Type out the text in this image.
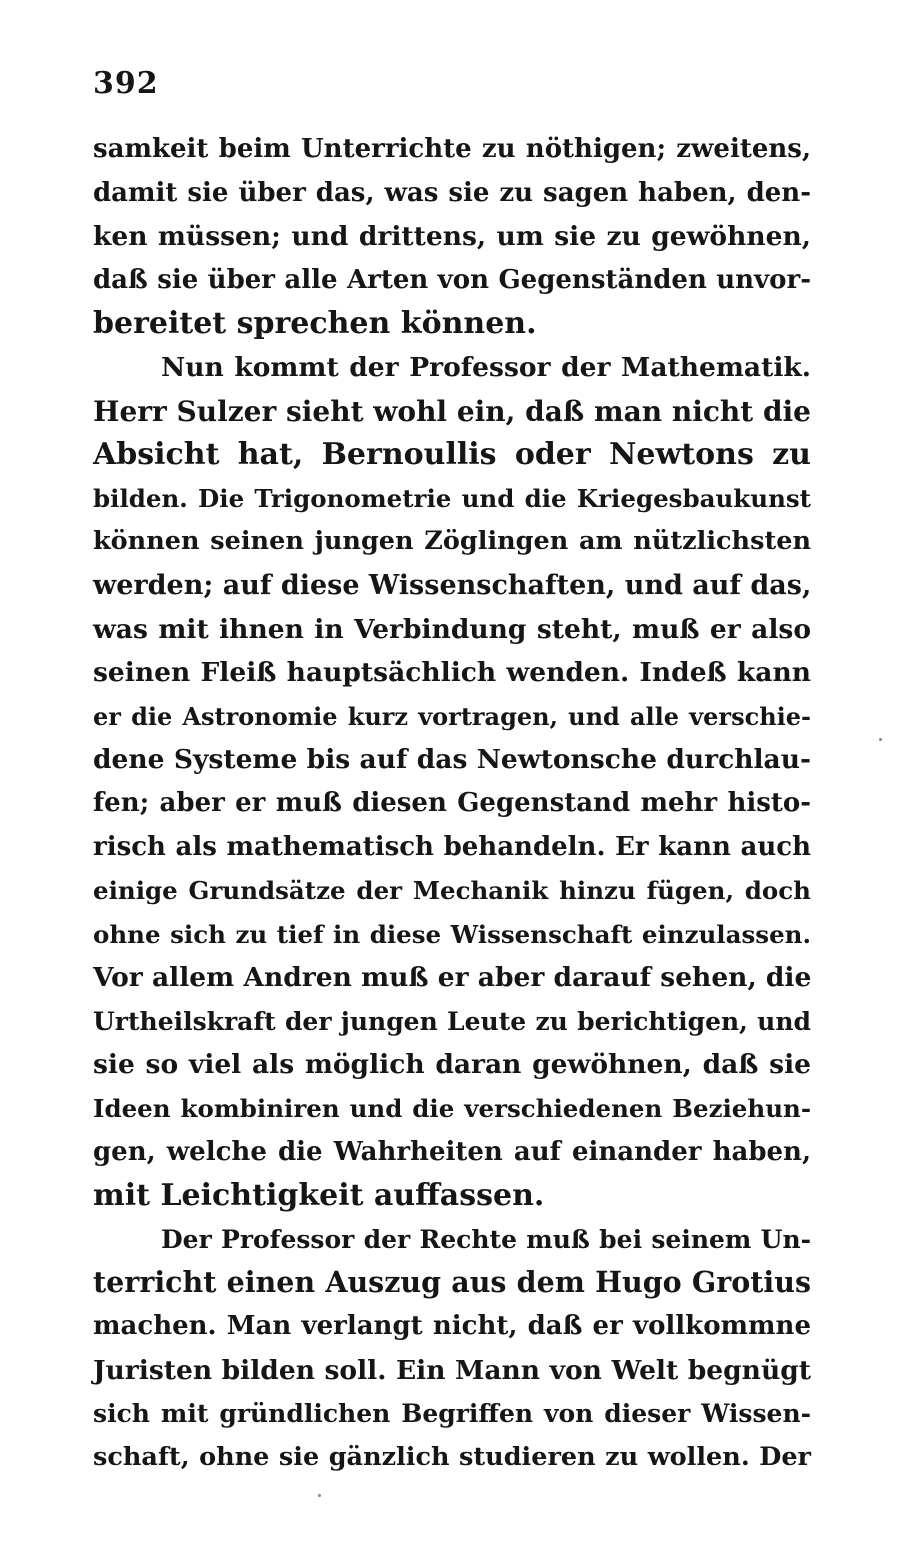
392
samkeit beim Unterrichte zu nöthigen; zweitens,
damit sie über das, was sie zu sagen haben, den-
ken müssen; und drittens, um sie zu gewöhnen,
daß sie über alle Arten von Gegenständen unvor-
bereitet sprechen können.
Nun kommt der Professor der Mathematik.
Herr Sulzer sieht wohl ein, daß man nicht die
Absicht hat, Bernoullis oder Newtons zu
bilden. Die Trigonometrie und die Kriegesbaukunst
können seinen jungen Zöglingen am nützlichsten
werden; auf diese Wissenschaften, und auf das,
was mit ihnen in Verbindung steht, muß er also
seinen Fleiß hauptsächlich wenden. Indeß kann
er die Astronomie kurz vortragen, und alle verschie-
dene Systeme bis auf das Newtonsche durchlau-
fen; aber er muß diesen Gegenstand mehr histo-
risch als mathematisch behandeln. Er kann auch
einige Grundsätze der Mechanik hinzu fügen, doch
ohne sich zu tief in diese Wissenschaft einzulassen.
Vor allem Andren muß er aber darauf sehen, die
Urtheilskraft der jungen Leute zu berichtigen, und
sie so viel als möglich daran gewöhnen, daß sie
Ideen kombiniren und die verschiedenen Beziehun-
gen, welche die Wahrheiten auf einander haben,
mit Leichtigkeit auffassen.
Der Professor der Rechte muß bei seinem Un-
terricht einen Auszug aus dem Hugo Grotius
machen. Man verlangt nicht, daß er vollkommne
Juristen bilden soll. Ein Mann von Welt begnügt
sich mit gründlichen Begriffen von dieser Wissen-
schaft, ohne sie gänzlich studieren zu wollen. Der
